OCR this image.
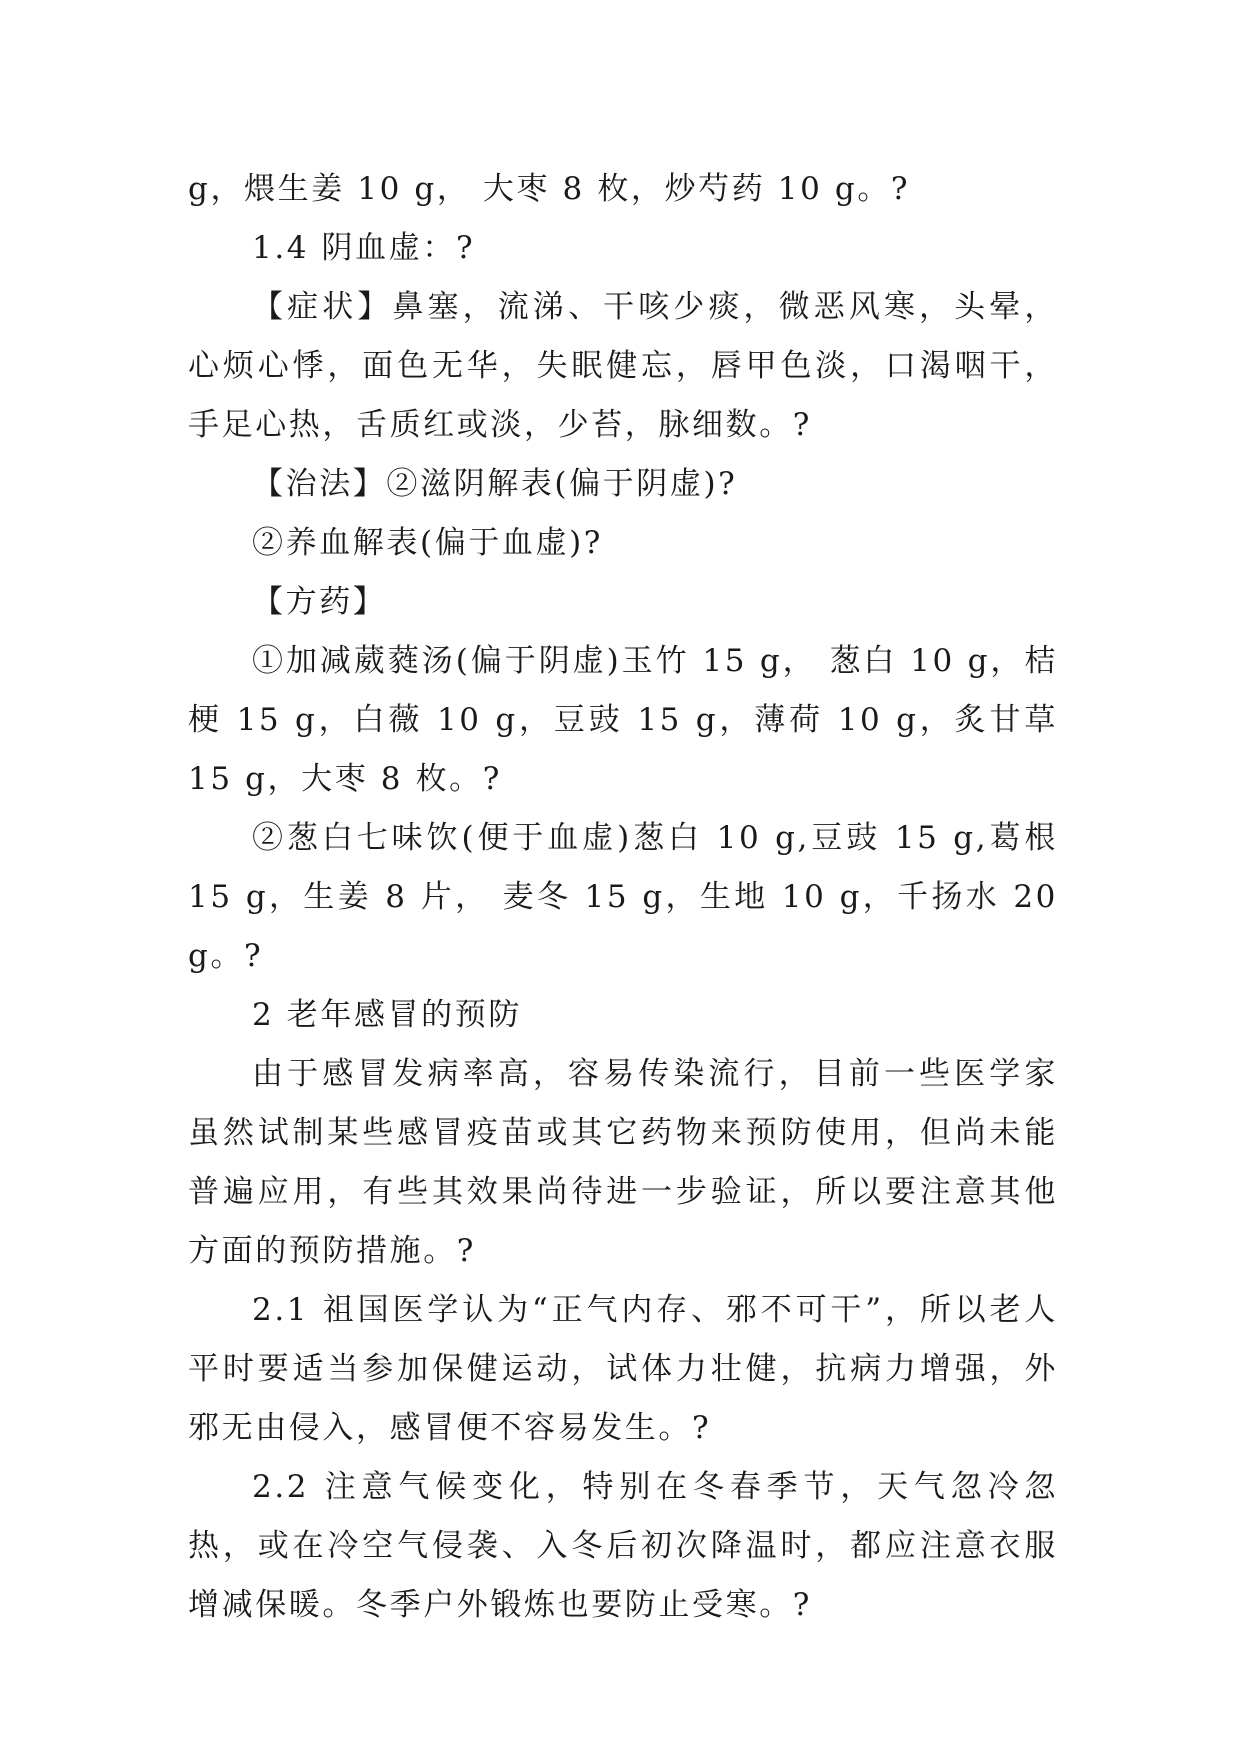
g，煨生姜 10 g， 大枣 8 枚，炒芍药 10 g。?

1.4 阴血虚：?

【症状】鼻塞，流涕、干咳少痰，微恶风寒，头晕，心烦心悸，面色无华，失眠健忘，唇甲色淡，口渴咽干，手足心热，舌质红或淡，少苔，脉细数。?

【治法】②滋阴解表(偏于阴虚)?

②养血解表(偏于血虚)?

【方药】

①加减葳蕤汤(偏于阴虚)玉竹 15 g， 葱白 10 g，桔梗 15 g，白薇 10 g，豆豉 15 g，薄荷 10 g，炙甘草 15 g，大枣 8 枚。?

②葱白七味饮(便于血虚)葱白 10 g,豆豉 15 g,葛根 15 g，生姜 8 片， 麦冬 15 g，生地 10 g，千扬水 20 g。?

2 老年感冒的预防

由于感冒发病率高，容易传染流行，目前一些医学家虽然试制某些感冒疫苗或其它药物来预防使用，但尚未能普遍应用，有些其效果尚待进一步验证，所以要注意其他方面的预防措施。?

2.1 祖国医学认为“正气内存、邪不可干”，所以老人平时要适当参加保健运动，试体力壮健，抗病力增强，外邪无由侵入，感冒便不容易发生。?

2.2 注意气候变化，特别在冬春季节，天气忽冷忽热，或在冷空气侵袭、入冬后初次降温时，都应注意衣服增减保暖。冬季户外锻炼也要防止受寒。?
